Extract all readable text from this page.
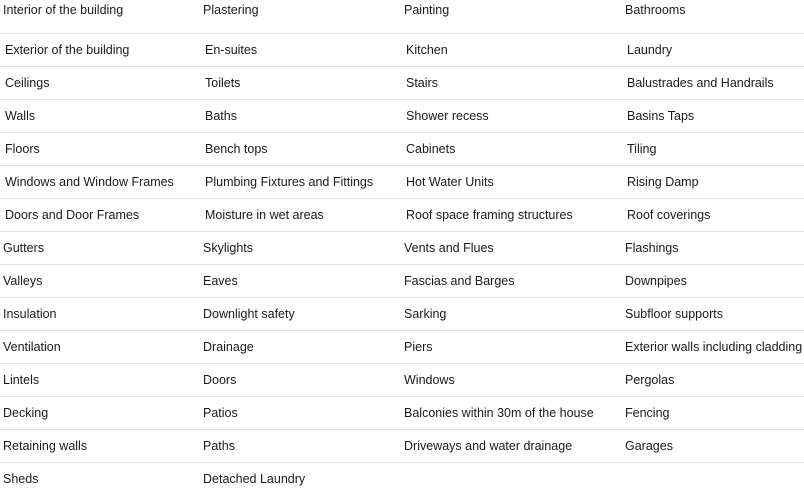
Interior of the building	Plastering	Painting	Bathrooms
Exterior of the building	En-suites	Kitchen	Laundry
Ceilings	Toilets	Stairs	Balustrades and Handrails
Walls	Baths	Shower recess	Basins Taps
Floors	Bench tops	Cabinets	Tiling
Windows and Window Frames	Plumbing Fixtures and Fittings	Hot Water Units	Rising Damp
Doors and Door Frames	Moisture in wet areas	Roof space framing structures	Roof coverings
Gutters	Skylights	Vents and Flues	Flashings
Valleys	Eaves	Fascias and Barges	Downpipes
Insulation	Downlight safety	Sarking	Subfloor supports
Ventilation	Drainage	Piers	Exterior walls including cladding
Lintels	Doors	Windows	Pergolas
Decking	Patios	Balconies within 30m of the house	Fencing
Retaining walls	Paths	Driveways and water drainage	Garages
Sheds	Detached Laundry		
